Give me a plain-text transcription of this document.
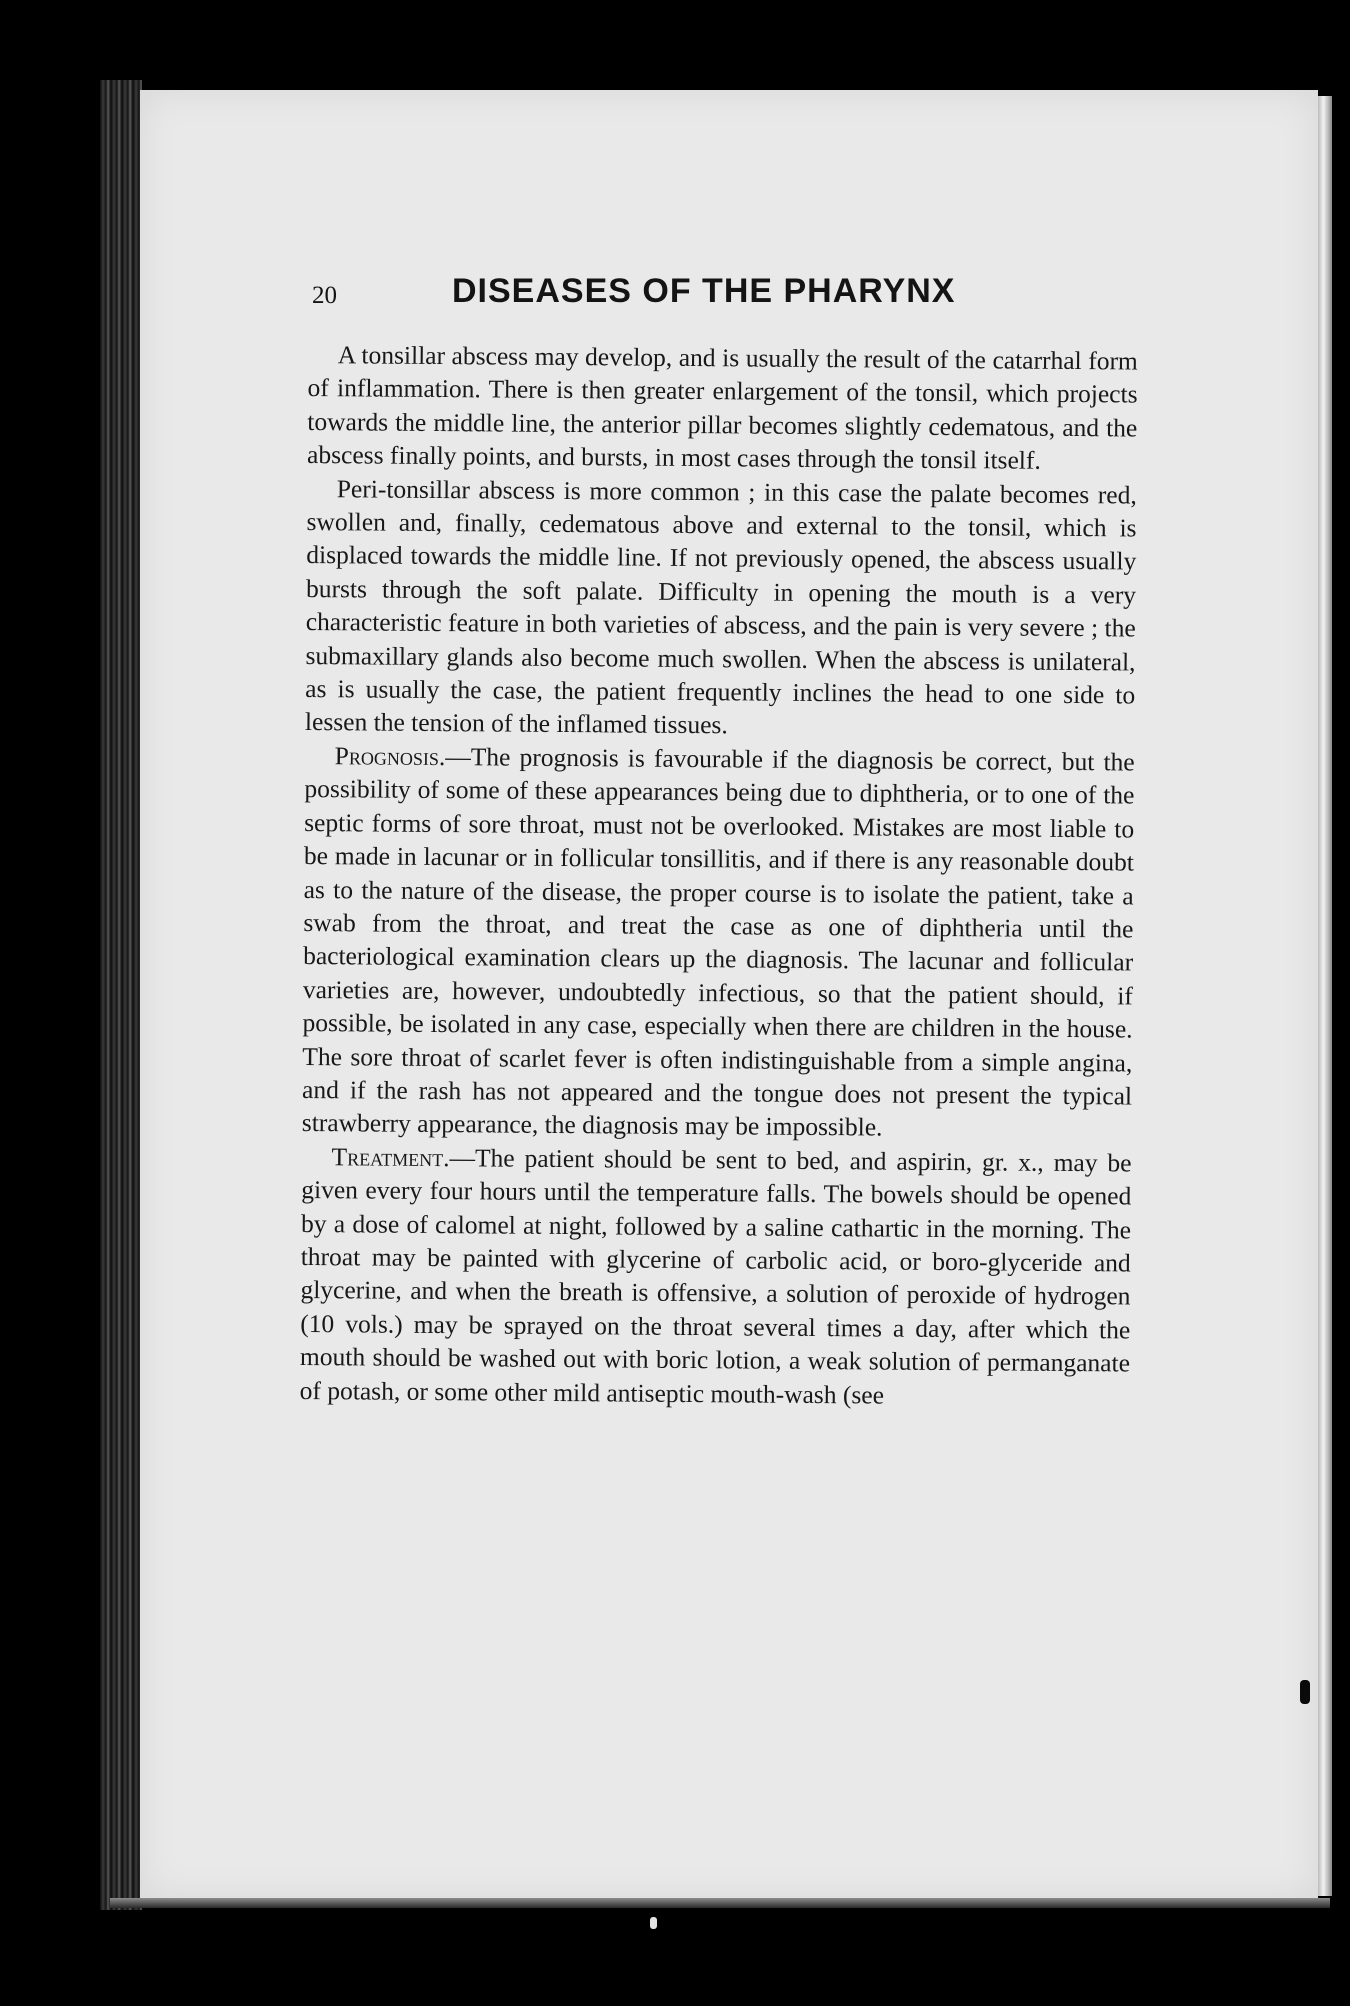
20	DISEASES OF THE PHARYNX

A tonsillar abscess may develop, and is usually the result of the catarrhal form of inflammation. There is then greater enlargement of the tonsil, which projects towards the middle line, the anterior pillar becomes slightly cedematous, and the abscess finally points, and bursts, in most cases through the tonsil itself.

Peri-tonsillar abscess is more common ; in this case the palate becomes red, swollen and, finally, cedematous above and external to the tonsil, which is displaced towards the middle line. If not previously opened, the abscess usually bursts through the soft palate. Difficulty in opening the mouth is a very characteristic feature in both varieties of abscess, and the pain is very severe ; the submaxillary glands also become much swollen. When the abscess is unilateral, as is usually the case, the patient frequently inclines the head to one side to lessen the tension of the inflamed tissues.

Prognosis.—The prognosis is favourable if the diagnosis be correct, but the possibility of some of these appearances being due to diphtheria, or to one of the septic forms of sore throat, must not be overlooked. Mistakes are most liable to be made in lacunar or in follicular tonsillitis, and if there is any reasonable doubt as to the nature of the disease, the proper course is to isolate the patient, take a swab from the throat, and treat the case as one of diphtheria until the bacteriological examination clears up the diagnosis. The lacunar and follicular varieties are, however, undoubtedly infectious, so that the patient should, if possible, be isolated in any case, especially when there are children in the house. The sore throat of scarlet fever is often indistinguishable from a simple angina, and if the rash has not appeared and the tongue does not present the typical strawberry appearance, the diagnosis may be impossible.

Treatment.—The patient should be sent to bed, and aspirin, gr. x., may be given every four hours until the temperature falls. The bowels should be opened by a dose of calomel at night, followed by a saline cathartic in the morning. The throat may be painted with glycerine of carbolic acid, or boro-glyceride and glycerine, and when the breath is offensive, a solution of peroxide of hydrogen (10 vols.) may be sprayed on the throat several times a day, after which the mouth should be washed out with boric lotion, a weak solution of permanganate of potash, or some other mild antiseptic mouth-wash (see
